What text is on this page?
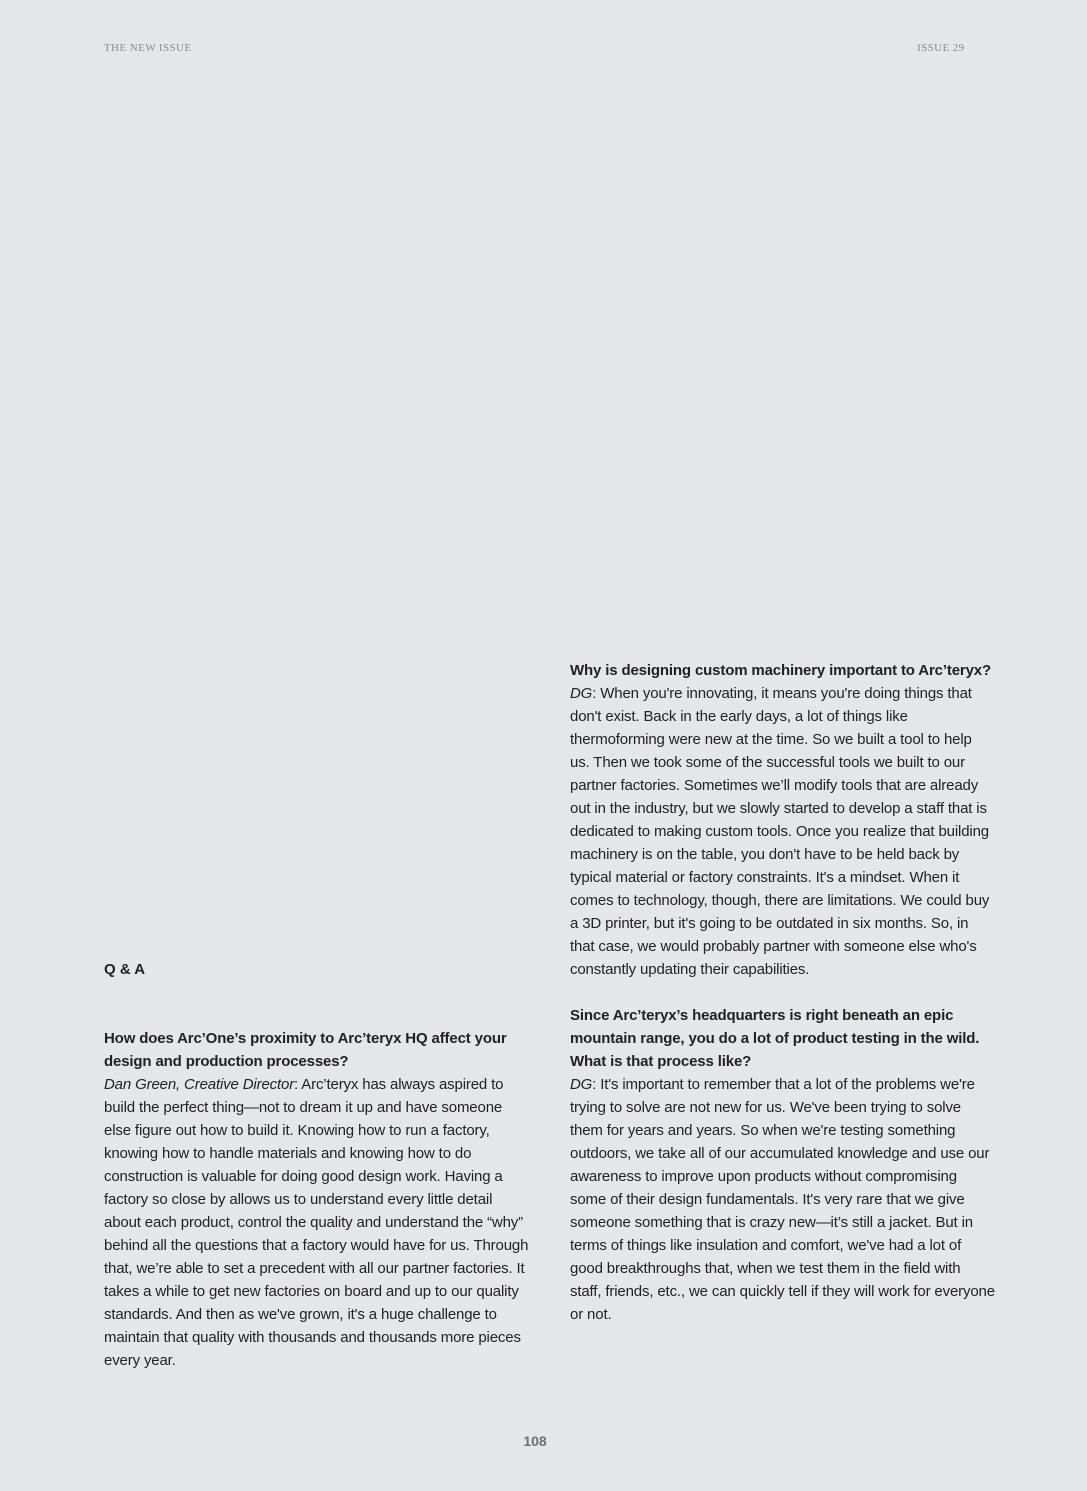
THE NEW ISSUE	ISSUE 29
Q & A

How does Arc’One’s proximity to Arc’teryx HQ affect your design and production processes?

Dan Green, Creative Director: Arc’teryx has always aspired to build the perfect thing—not to dream it up and have someone else figure out how to build it. Knowing how to run a factory, knowing how to handle materials and knowing how to do construction is valuable for doing good design work. Having a factory so close by allows us to understand every little detail about each product, control the quality and understand the “why” behind all the questions that a factory would have for us. Through that, we’re able to set a precedent with all our partner factories. It takes a while to get new factories on board and up to our quality standards. And then as we've grown, it's a huge challenge to maintain that quality with thousands and thousands more pieces every year.

Why is designing custom machinery important to Arc’teryx?

DG: When you're innovating, it means you're doing things that don't exist. Back in the early days, a lot of things like thermoforming were new at the time. So we built a tool to help us. Then we took some of the successful tools we built to our partner factories. Sometimes we’ll modify tools that are already out in the industry, but we slowly started to develop a staff that is dedicated to making custom tools. Once you realize that building machinery is on the table, you don't have to be held back by typical material or factory constraints. It's a mindset. When it comes to technology, though, there are limitations. We could buy a 3D printer, but it's going to be outdated in six months. So, in that case, we would probably partner with someone else who's constantly updating their capabilities.

Since Arc’teryx’s headquarters is right beneath an epic mountain range, you do a lot of product testing in the wild. What is that process like?

DG: It's important to remember that a lot of the problems we're trying to solve are not new for us. We've been trying to solve them for years and years. So when we're testing something outdoors, we take all of our accumulated knowledge and use our awareness to improve upon products without compromising some of their design fundamentals. It's very rare that we give someone something that is crazy new—it’s still a jacket. But in terms of things like insulation and comfort, we've had a lot of good breakthroughs that, when we test them in the field with staff, friends, etc., we can quickly tell if they will work for everyone or not.

108
